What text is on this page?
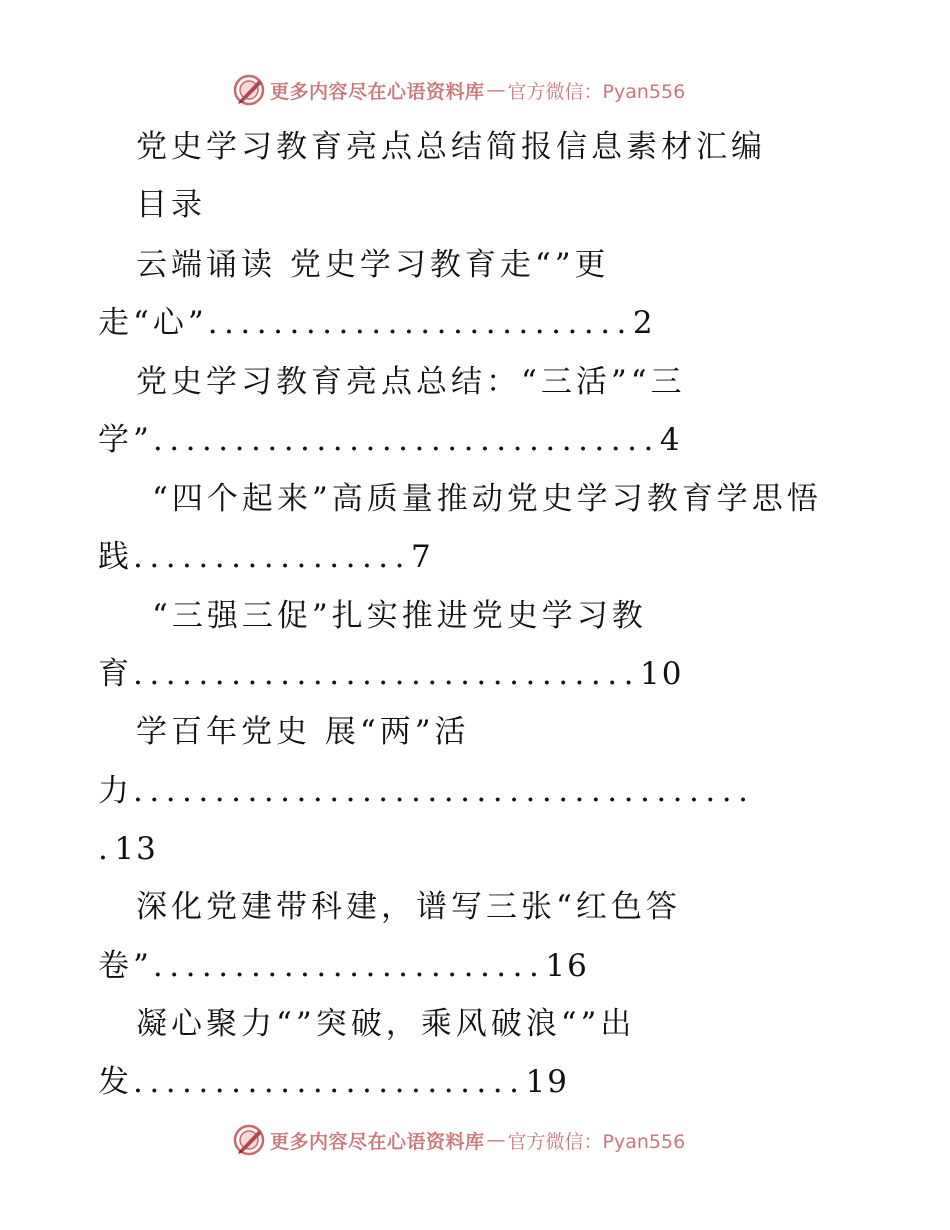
更多内容尽在心语资料库 — 官方微信：Pyan556
党史学习教育亮点总结简报信息素材汇编
目录
云端诵读 党史学习教育走“”更
走“心”..........................2
党史学习教育亮点总结：“三活”“三
学”...............................4
“四个起来”高质量推动党史学习教育学思悟
践.................7
“三强三促”扎实推进党史学习教
育...............................10
学百年党史 展“两”活
力......................................
.13
深化党建带科建，谱写三张“红色答
卷”........................16
凝心聚力“”突破，乘风破浪“”出
发........................19
更多内容尽在心语资料库 — 官方微信：Pyan556
